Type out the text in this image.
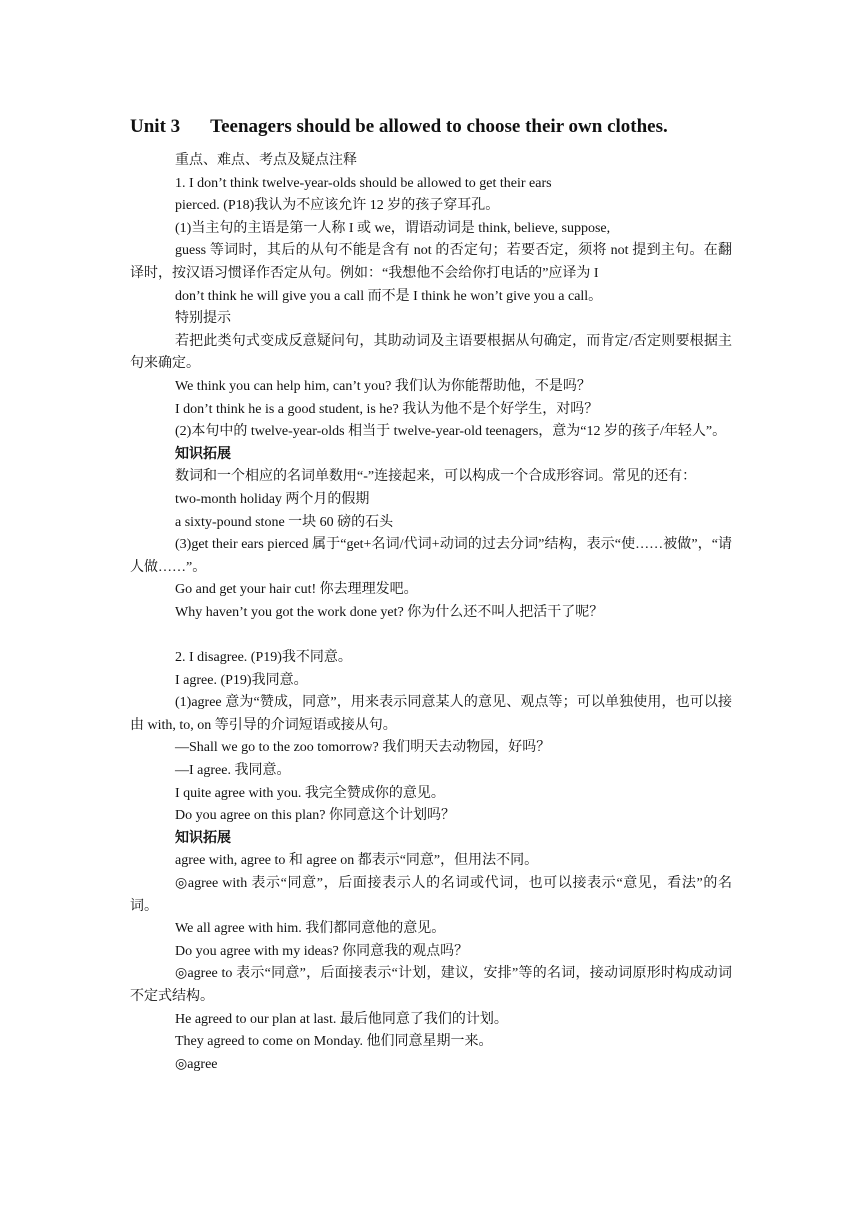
Unit 3 Teenagers should be allowed to choose their own clothes.

重点、难点、考点及疑点注释

1. I don’t think twelve-year-olds should be allowed to get their ears

pierced. (P18)我认为不应该允许 12 岁的孩子穿耳孔。

(1)当主句的主语是第一人称 I 或 we，谓语动词是 think, believe, suppose,

guess 等词时，其后的从句不能是含有 not 的否定句；若要否定，须将 not 提到主句。在翻译时，按汉语习惯译作否定从句。例如：“我想他不会给你打电话的”应译为 I

don’t think he will give you a call 而不是 I think he won’t give you a call。

特别提示

若把此类句式变成反意疑问句，其助动词及主语要根据从句确定，而肯定/否定则要根据主句来确定。

We think you can help him, can’t you? 我们认为你能帮助他，不是吗？

I don’t think he is a good student, is he? 我认为他不是个好学生，对吗？

(2)本句中的 twelve-year-olds 相当于 twelve-year-old teenagers，意为“12 岁的孩子/年轻人”。

知识拓展

数词和一个相应的名词单数用“-”连接起来，可以构成一个合成形容词。常见的还有：

two-month holiday 两个月的假期

a sixty-pound stone 一块 60 磅的石头

(3)get their ears pierced 属于“get+名词/代词+动词的过去分词”结构，表示“使……被做”，“请人做……”。

Go and get your hair cut! 你去理理发吧。

Why haven’t you got the work done yet? 你为什么还不叫人把活干了呢？

2. I disagree. (P19)我不同意。

I agree. (P19)我同意。

(1)agree 意为“赞成，同意”，用来表示同意某人的意见、观点等；可以单独使用，也可以接由 with, to, on 等引导的介词短语或接从句。

—Shall we go to the zoo tomorrow? 我们明天去动物园，好吗？

—I agree. 我同意。

I quite agree with you. 我完全赞成你的意见。

Do you agree on this plan? 你同意这个计划吗？

知识拓展

agree with, agree to 和 agree on 都表示“同意”，但用法不同。

◎agree with 表示“同意”，后面接表示人的名词或代词，也可以接表示“意见，看法”的名词。

We all agree with him. 我们都同意他的意见。

Do you agree with my ideas? 你同意我的观点吗？

◎agree to 表示“同意”，后面接表示“计划，建议，安排”等的名词，接动词原形时构成动词不定式结构。

He agreed to our plan at last. 最后他同意了我们的计划。

They agreed to come on Monday. 他们同意星期一来。

◎agree
